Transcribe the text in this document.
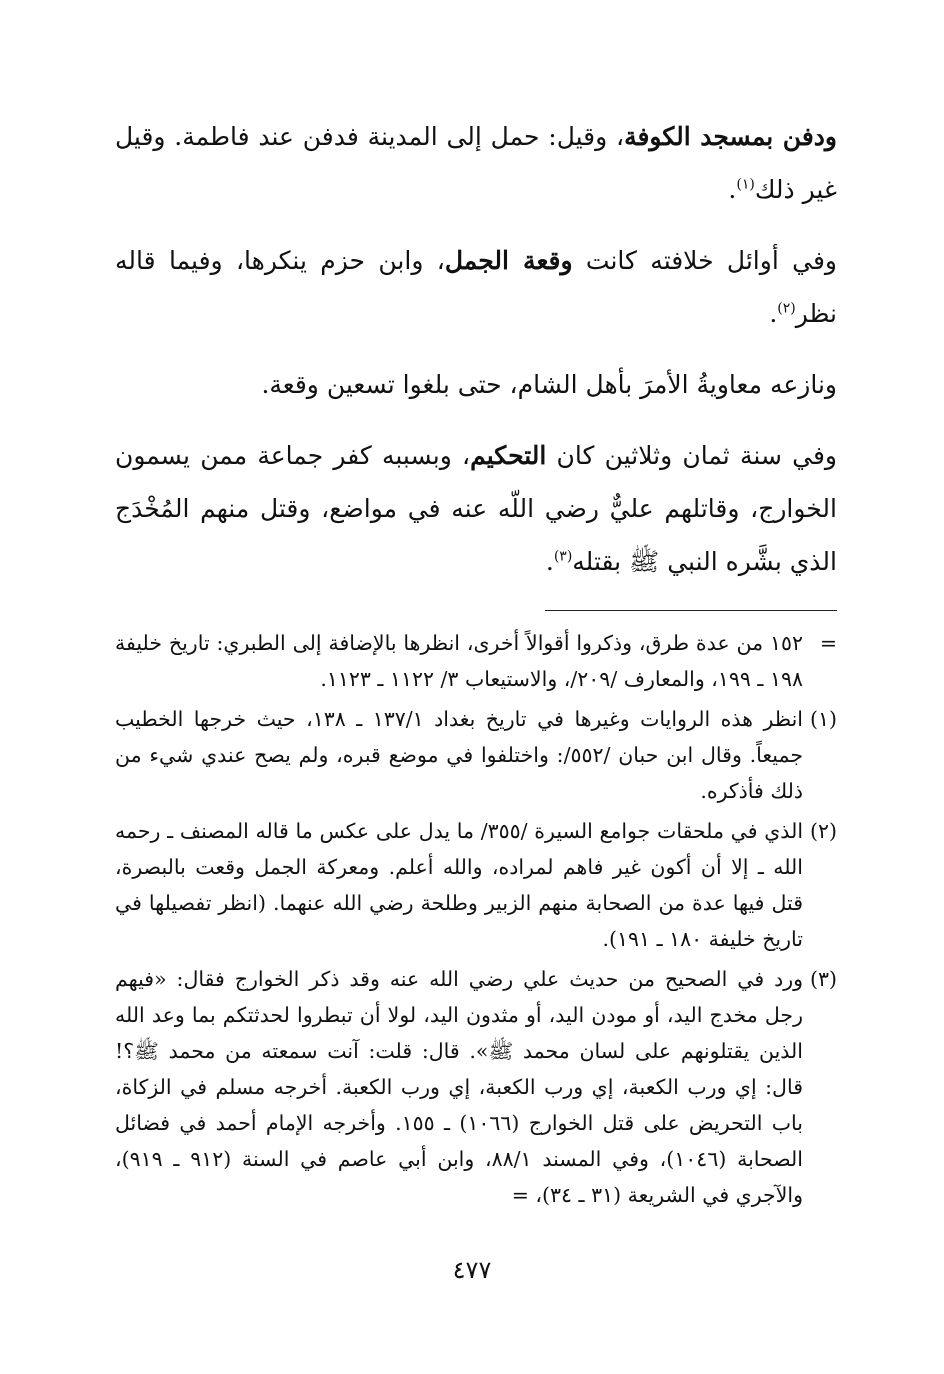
ودفن بمسجد الكوفة، وقيل: حمل إلى المدينة فدفن عند فاطمة. وقيل غير ذلك$^{(١)}$.

وفي أوائل خلافته كانت وقعة الجمل، وابن حزم ينكرها، وفيما قاله نظر$^{(٢)}$.

ونازعه معاويةُ الأمرَ بأهل الشام، حتى بلغوا تسعين وقعة.

وفي سنة ثمان وثلاثين كان التحكيم، وبسببه كفر جماعة ممن يسمون الخوارج، وقاتلهم عليٌّ رضي اللّه عنه في مواضع، وقتل منهم المُخْدَج الذي بشَّره النبي ﷺ بقتله$^{(٣)}$.

=
١٥٢ من عدة طرق، وذكروا أقوالاً أخرى، انظرها بالإضافة إلى الطبري: تاريخ خليفة ١٩٨ ـ ١٩٩، والمعارف /٢٠٩/، والاستيعاب ٣/ ١١٢٢ ـ ١١٢٣.
(١)
انظر هذه الروايات وغيرها في تاريخ بغداد ١٣٧/١ ـ ١٣٨، حيث خرجها الخطيب جميعاً. وقال ابن حبان /٥٥٢/: واختلفوا في موضع قبره، ولم يصح عندي شيء من ذلك فأذكره.
(٢)
الذي في ملحقات جوامع السيرة /٣٥٥/ ما يدل على عكس ما قاله المصنف ـ رحمه الله ـ إلا أن أكون غير فاهم لمراده، والله أعلم. ومعركة الجمل وقعت بالبصرة، قتل فيها عدة من الصحابة منهم الزبير وطلحة رضي الله عنهما. (انظر تفصيلها في تاريخ خليفة ١٨٠ ـ ١٩١).
(٣)
ورد في الصحيح من حديث علي رضي الله عنه وقد ذكر الخوارج فقال: «فيهم رجل مخدج اليد، أو مودن اليد، أو مثدون اليد، لولا أن تبطروا لحدثتكم بما وعد الله الذين يقتلونهم على لسان محمد ﷺ». قال: قلت: آنت سمعته من محمد ﷺ؟! قال: إي ورب الكعبة، إي ورب الكعبة، إي ورب الكعبة. أخرجه مسلم في الزكاة، باب التحريض على قتل الخوارج (١٠٦٦) ـ ١٥٥. وأخرجه الإمام أحمد في فضائل الصحابة (١٠٤٦)، وفي المسند ٨٨/١، وابن أبي عاصم في السنة (٩١٢ ـ ٩١٩)، والآجري في الشريعة (٣١ ـ ٣٤)، =
٤٧٧
